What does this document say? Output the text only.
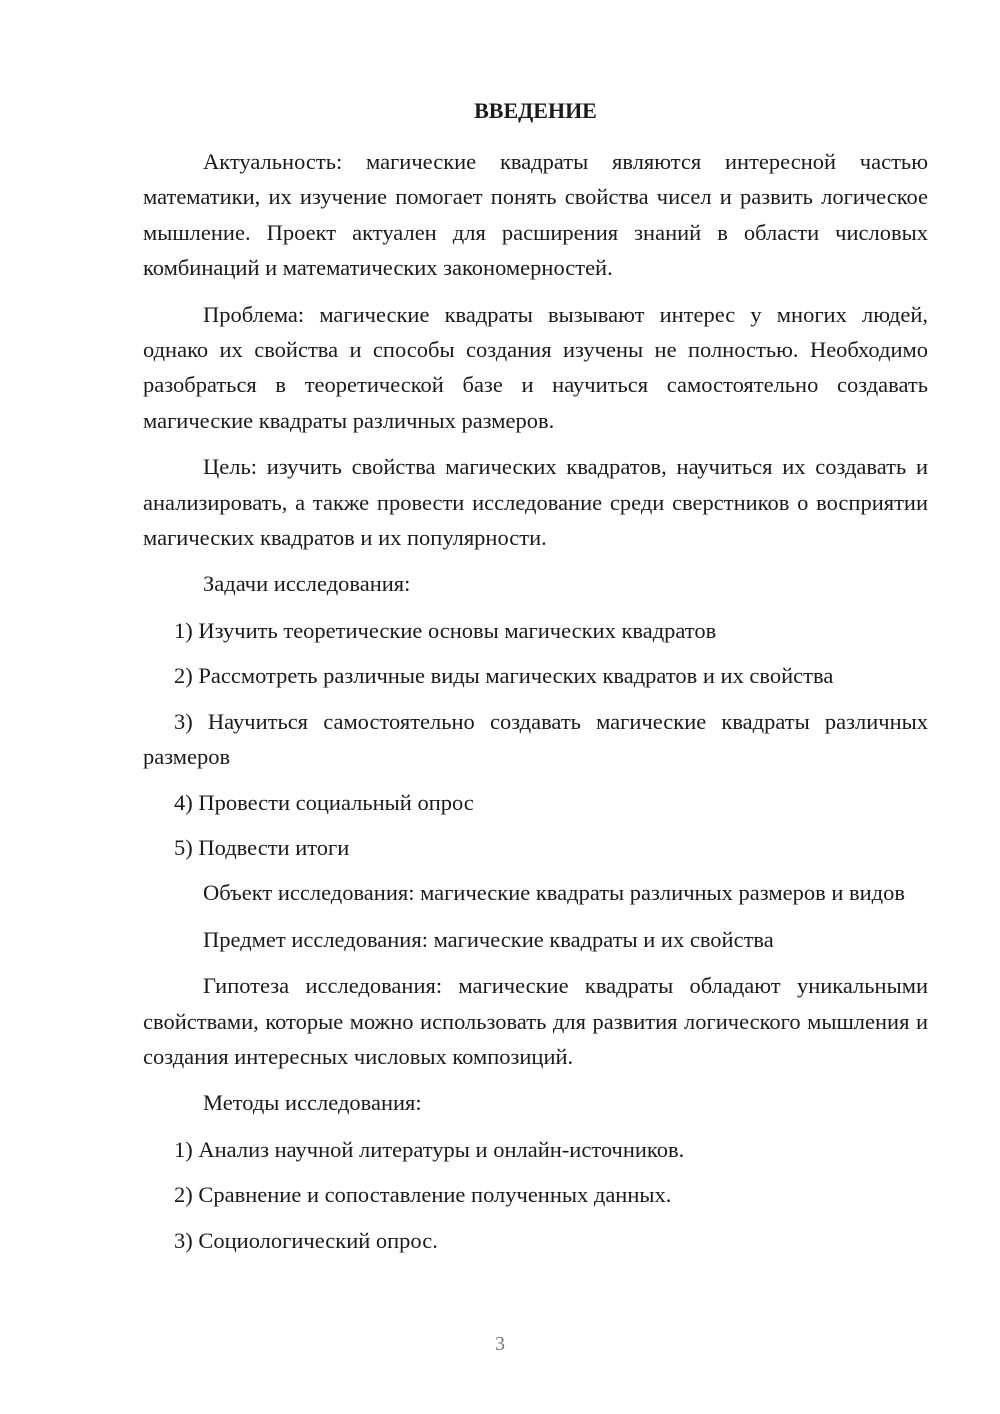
ВВЕДЕНИЕ

Актуальность: магические квадраты являются интересной частью математики, их изучение помогает понять свойства чисел и развить логическое мышление. Проект актуален для расширения знаний в области числовых комбинаций и математических закономерностей.

Проблема: магические квадраты вызывают интерес у многих людей, однако их свойства и способы создания изучены не полностью. Необходимо разобраться в теоретической базе и научиться самостоятельно создавать магические квадраты различных размеров.

Цель: изучить свойства магических квадратов, научиться их создавать и анализировать, а также провести исследование среди сверстников о восприятии магических квадратов и их популярности.

Задачи исследования:

1) Изучить теоретические основы магических квадратов

2) Рассмотреть различные виды магических квадратов и их свойства

3) Научиться самостоятельно создавать магические квадраты различных размеров

4) Провести социальный опрос

5) Подвести итоги

Объект исследования: магические квадраты различных размеров и видов

Предмет исследования: магические квадраты и их свойства

Гипотеза исследования: магические квадраты обладают уникальными свойствами, которые можно использовать для развития логического мышления и создания интересных числовых композиций.

Методы исследования:

1) Анализ научной литературы и онлайн-источников.

2) Сравнение и сопоставление полученных данных.

3) Социологический опрос.

3
